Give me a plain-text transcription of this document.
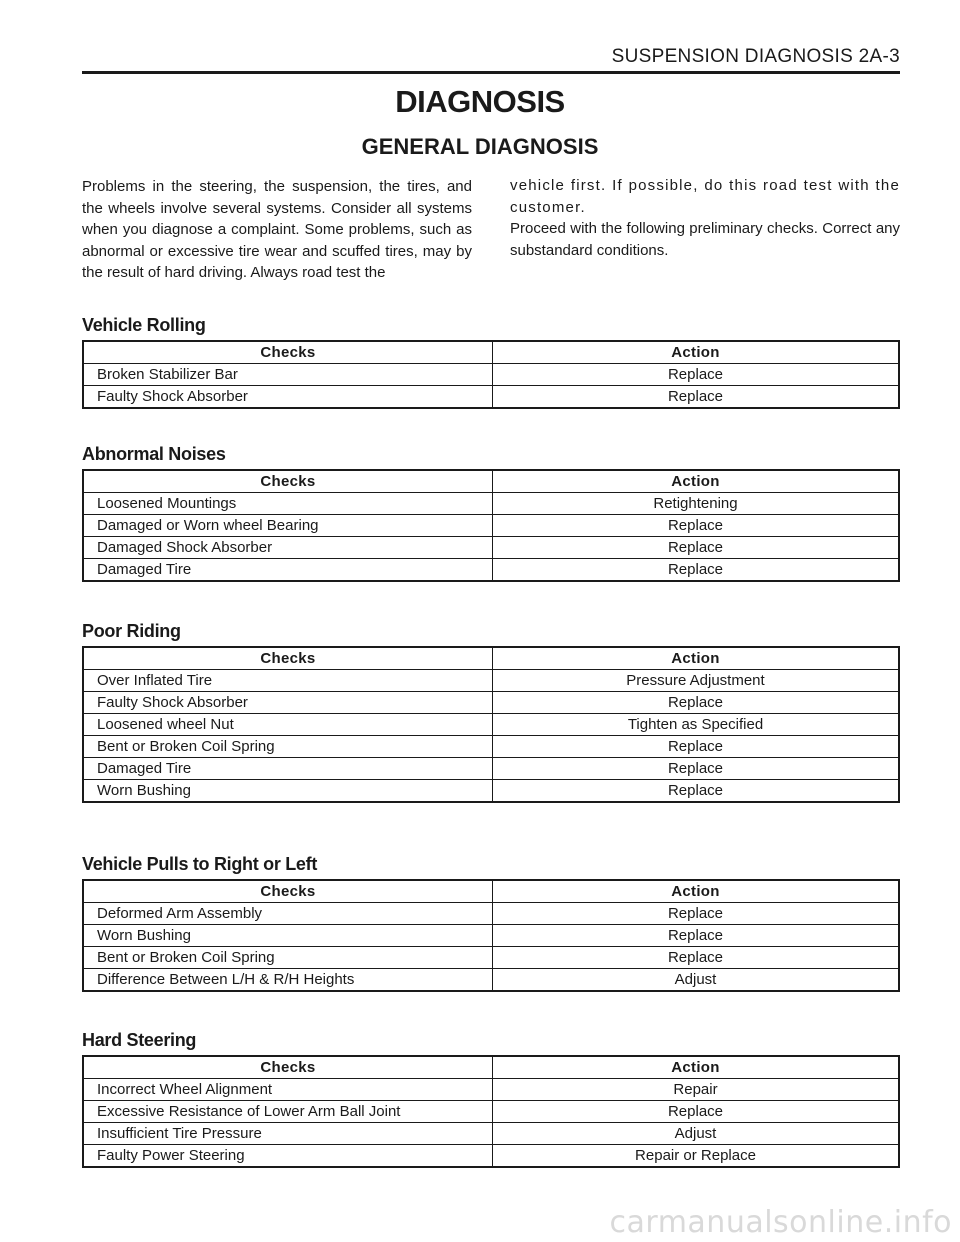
SUSPENSION DIAGNOSIS 2A-3
DIAGNOSIS
GENERAL DIAGNOSIS

Problems in the steering, the suspension, the tires, and the wheels involve several systems. Consider all systems when you diagnose a complaint. Some problems, such as abnormal or excessive tire wear and scuffed tires, may by the result of hard driving. Always road test the

vehicle first. If possible, do this road test with the customer.

Proceed with the following preliminary checks. Correct any substandard conditions.

Vehicle Rolling
Checks	Action
Broken Stabilizer Bar	Replace
Faulty Shock Absorber	Replace
Abnormal Noises
Checks	Action
Loosened Mountings	Retightening
Damaged or Worn wheel Bearing	Replace
Damaged Shock Absorber	Replace
Damaged Tire	Replace
Poor Riding
Checks	Action
Over Inflated Tire	Pressure Adjustment
Faulty Shock Absorber	Replace
Loosened wheel Nut	Tighten as Specified
Bent or Broken Coil Spring	Replace
Damaged Tire	Replace
Worn Bushing	Replace
Vehicle Pulls to Right or Left
Checks	Action
Deformed Arm Assembly	Replace
Worn Bushing	Replace
Bent or Broken Coil Spring	Replace
Difference Between L/H & R/H Heights	Adjust
Hard Steering
Checks	Action
Incorrect Wheel Alignment	Repair
Excessive Resistance of Lower Arm Ball Joint	Replace
Insufficient Tire Pressure	Adjust
Faulty Power Steering	Repair or Replace
carmanualsonline.info
